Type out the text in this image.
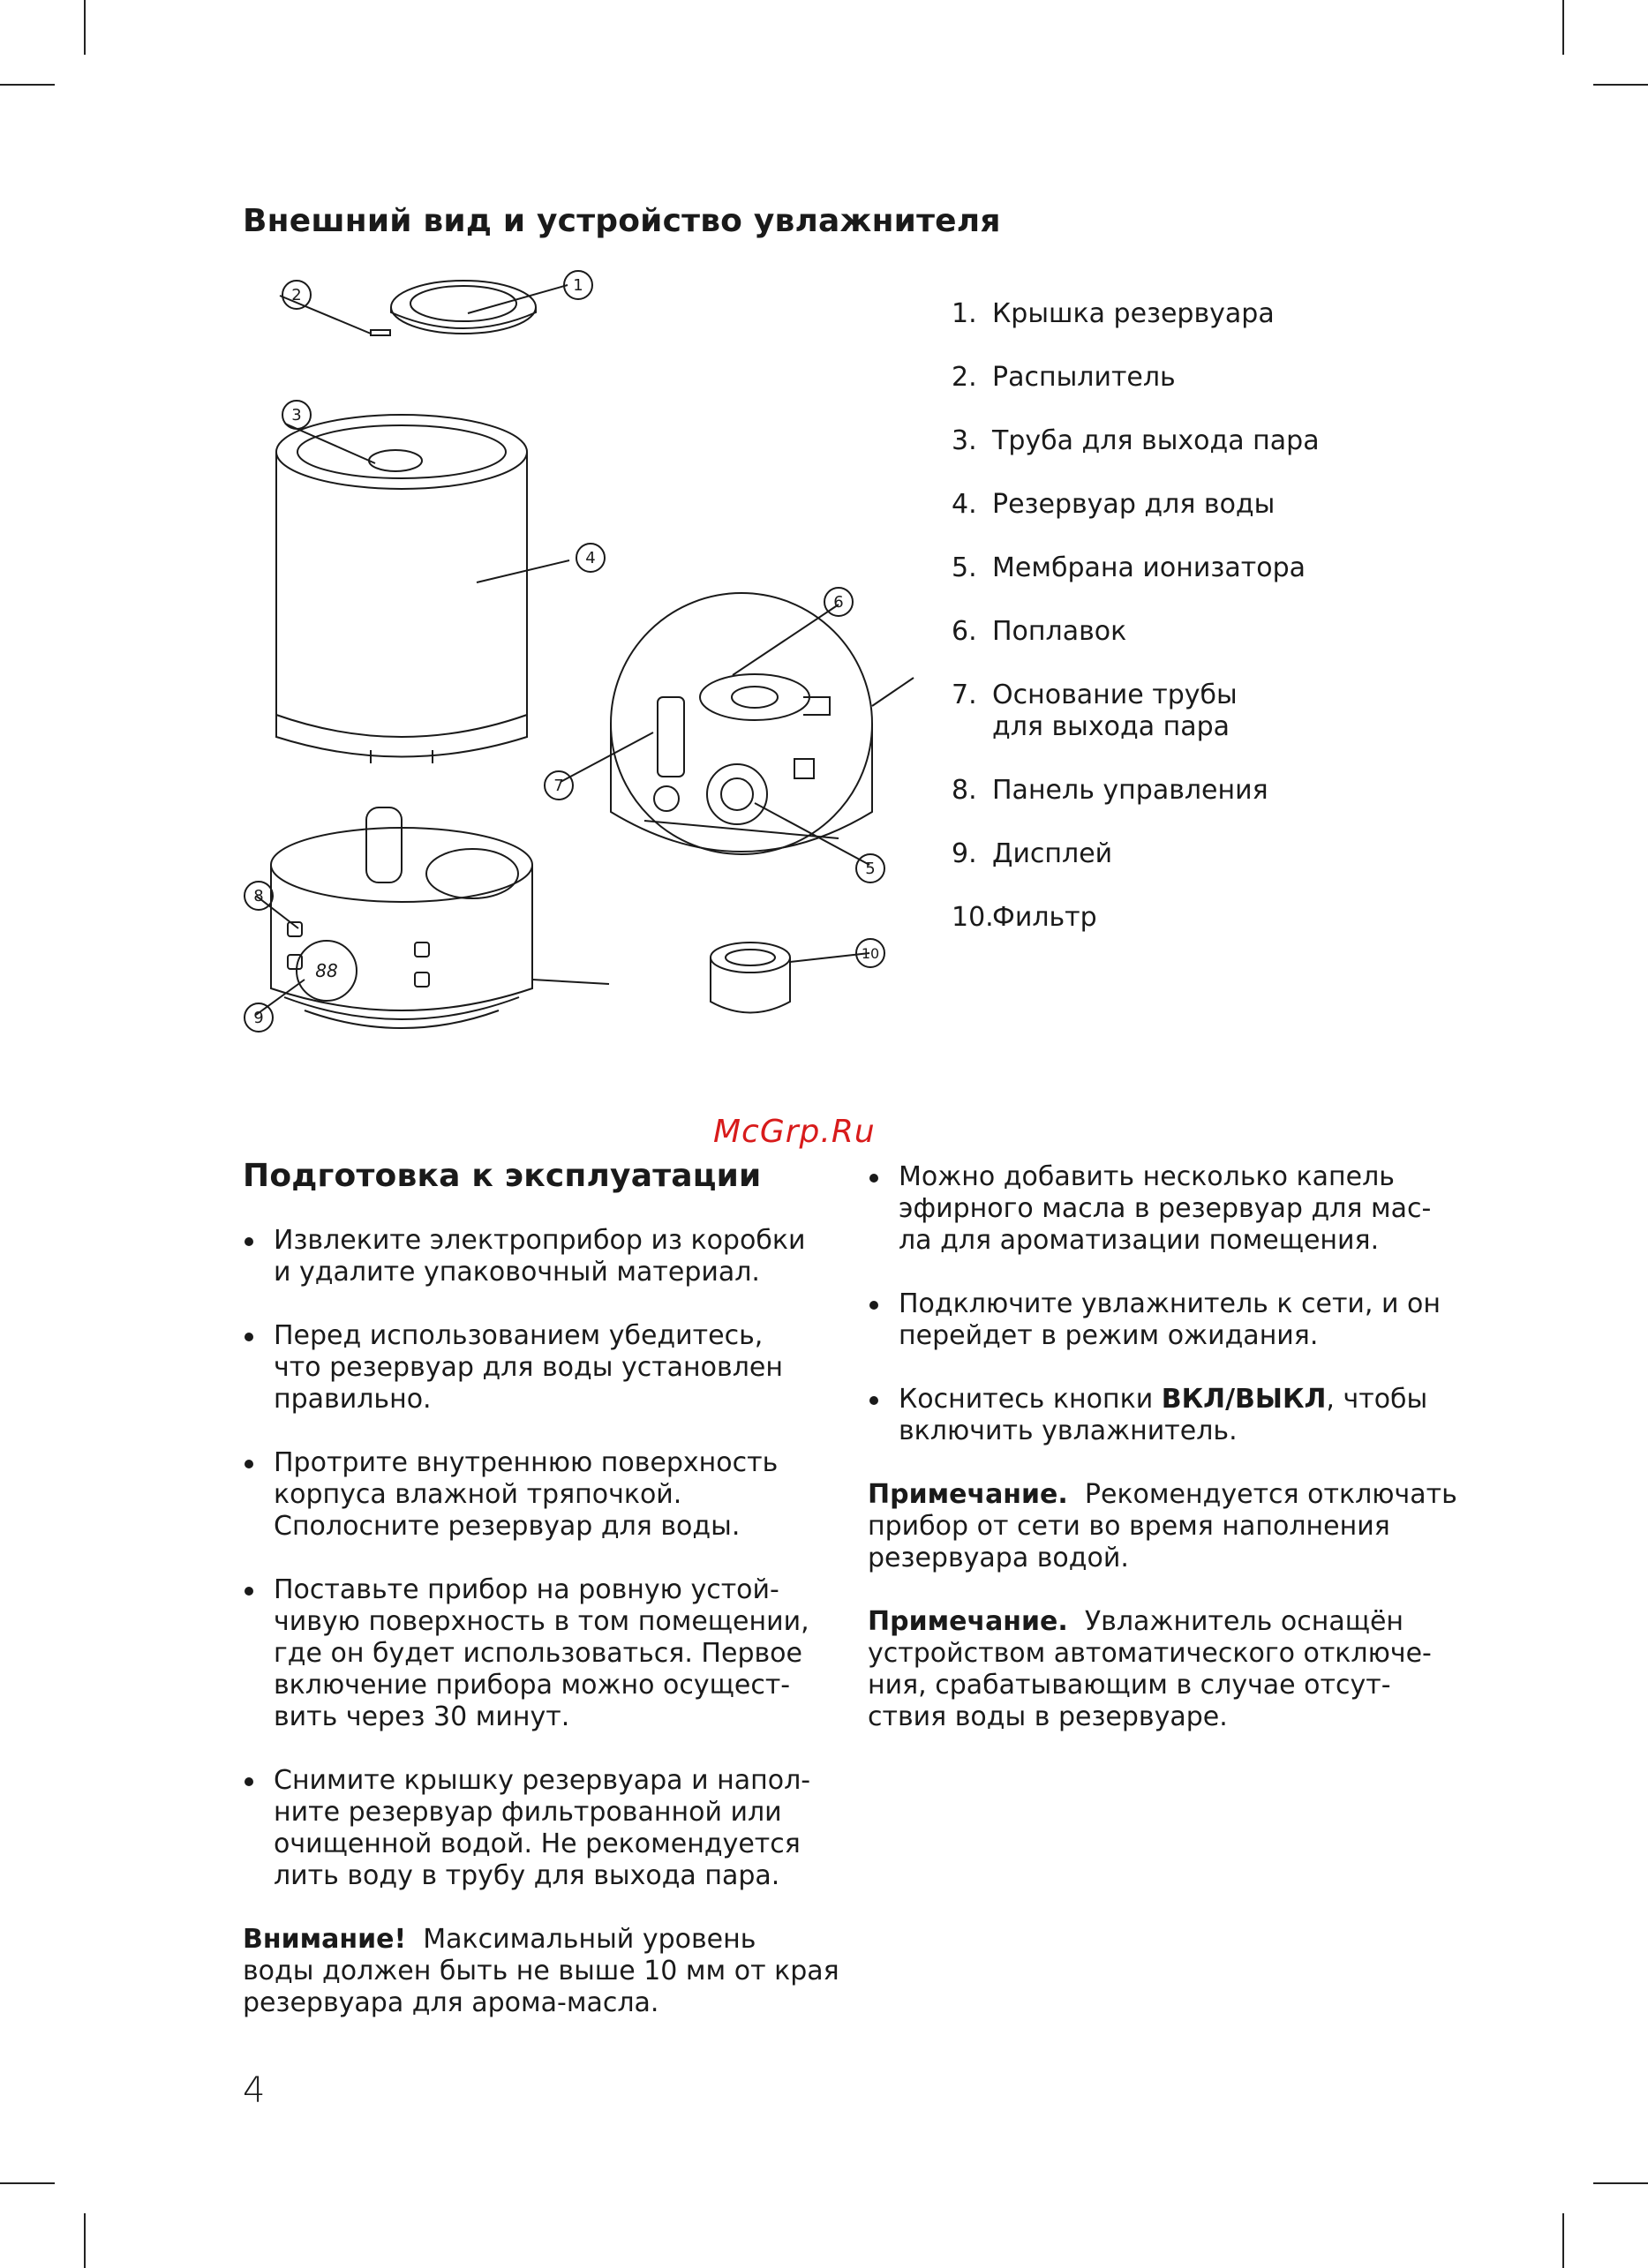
Внешний вид и устройство увлажнителя
1
2
3
4
6
7
5
8
9
10
88
1. Крышка резервуара
2. Распылитель
3. Труба для выхода пара
4. Резервуар для воды
5. Мембрана ионизатора
6. Поплавок
7. Основание трубы
для выхода пара
8. Панель управления
9. Дисплей
10.
Фильтр
McGrp.Ru
Подготовка к эксплуатации
Извлеките электроприбор из коробки
и удалите упаковочный материал.
Перед использованием убедитесь,
что резервуар для воды установлен
правильно.
Протрите внутреннюю поверхность
корпуса влажной тряпочкой.
Сполосните резервуар для воды.
Поставьте прибор на ровную устой-
чивую поверхность в том помещении,
где он будет использоваться. Первое
включение прибора можно осущест-
вить через 30 минут.
Снимите крышку резервуара и напол-
ните резервуар фильтрованной или
очищенной водой. Не рекомендуется
лить воду в трубу для выхода пара.
Внимание! Максимальный уровень
воды должен быть не выше 10 мм от края
резервуара для арома-масла.
Можно добавить несколько капель
эфирного масла в резервуар для мас-
ла для ароматизации помещения.
Подключите увлажнитель к сети, и он
перейдет в режим ожидания.
Коснитесь кнопки ВКЛ/ВЫКЛ, чтобы
включить увлажнитель.
Примечание. Рекомендуется отключать
прибор от сети во время наполнения
резервуара водой.
Примечание. Увлажнитель оснащён
устройством автоматического отключе-
ния, срабатывающим в случае отсут-
ствия воды в резервуаре.
4
